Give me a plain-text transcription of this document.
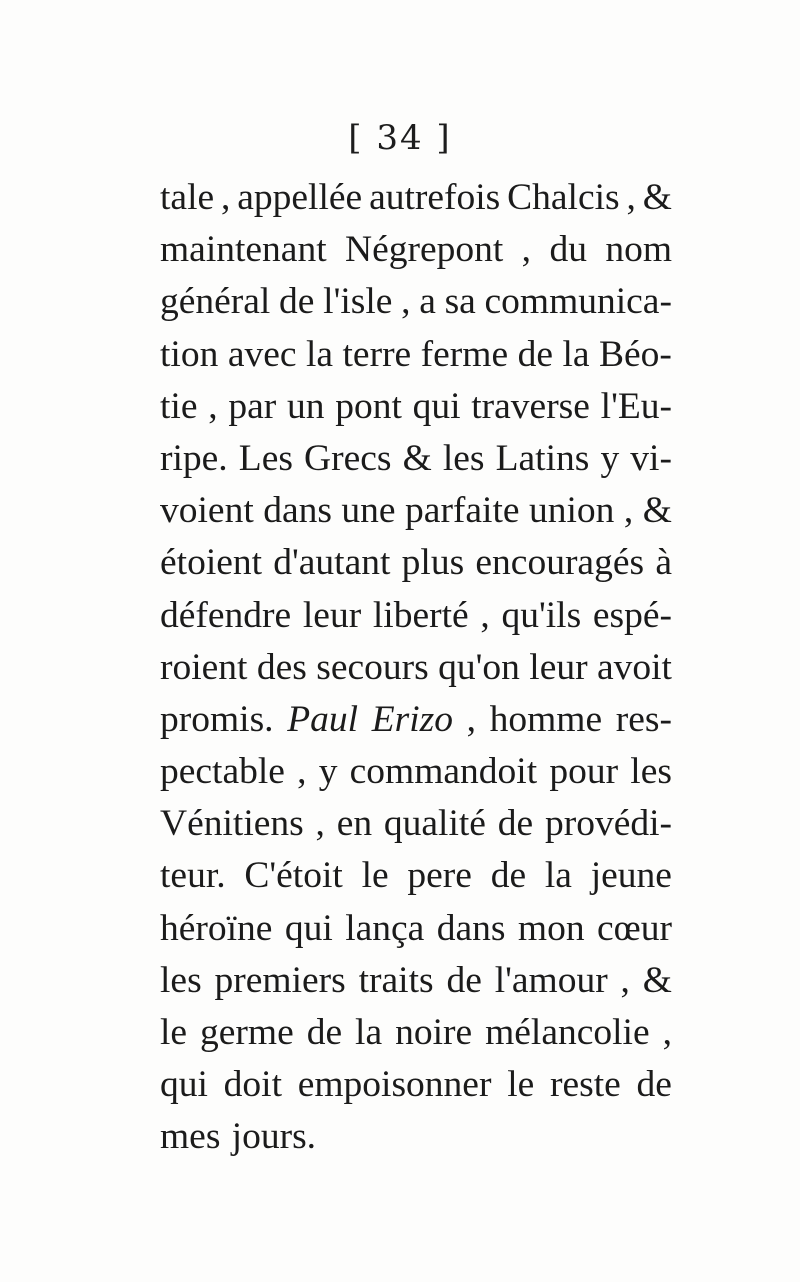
[ 34 ]
tale , appellée autrefois Chalcis , &
maintenant Négrepont , du nom
général de l'isle , a sa communica-
tion avec la terre ferme de la Béo-
tie , par un pont qui traverse l'Eu-
ripe. Les Grecs & les Latins y vi-
voient dans une parfaite union , &
étoient d'autant plus encouragés à
défendre leur liberté , qu'ils espé-
roient des secours qu'on leur avoit
promis. Paul Erizo , homme res-
pectable , y commandoit pour les
Vénitiens , en qualité de provédi-
teur. C'étoit le pere de la jeune
héroïne qui lança dans mon cœur
les premiers traits de l'amour , &
le germe de la noire mélancolie ,
qui doit empoisonner le reste de
mes jours.
